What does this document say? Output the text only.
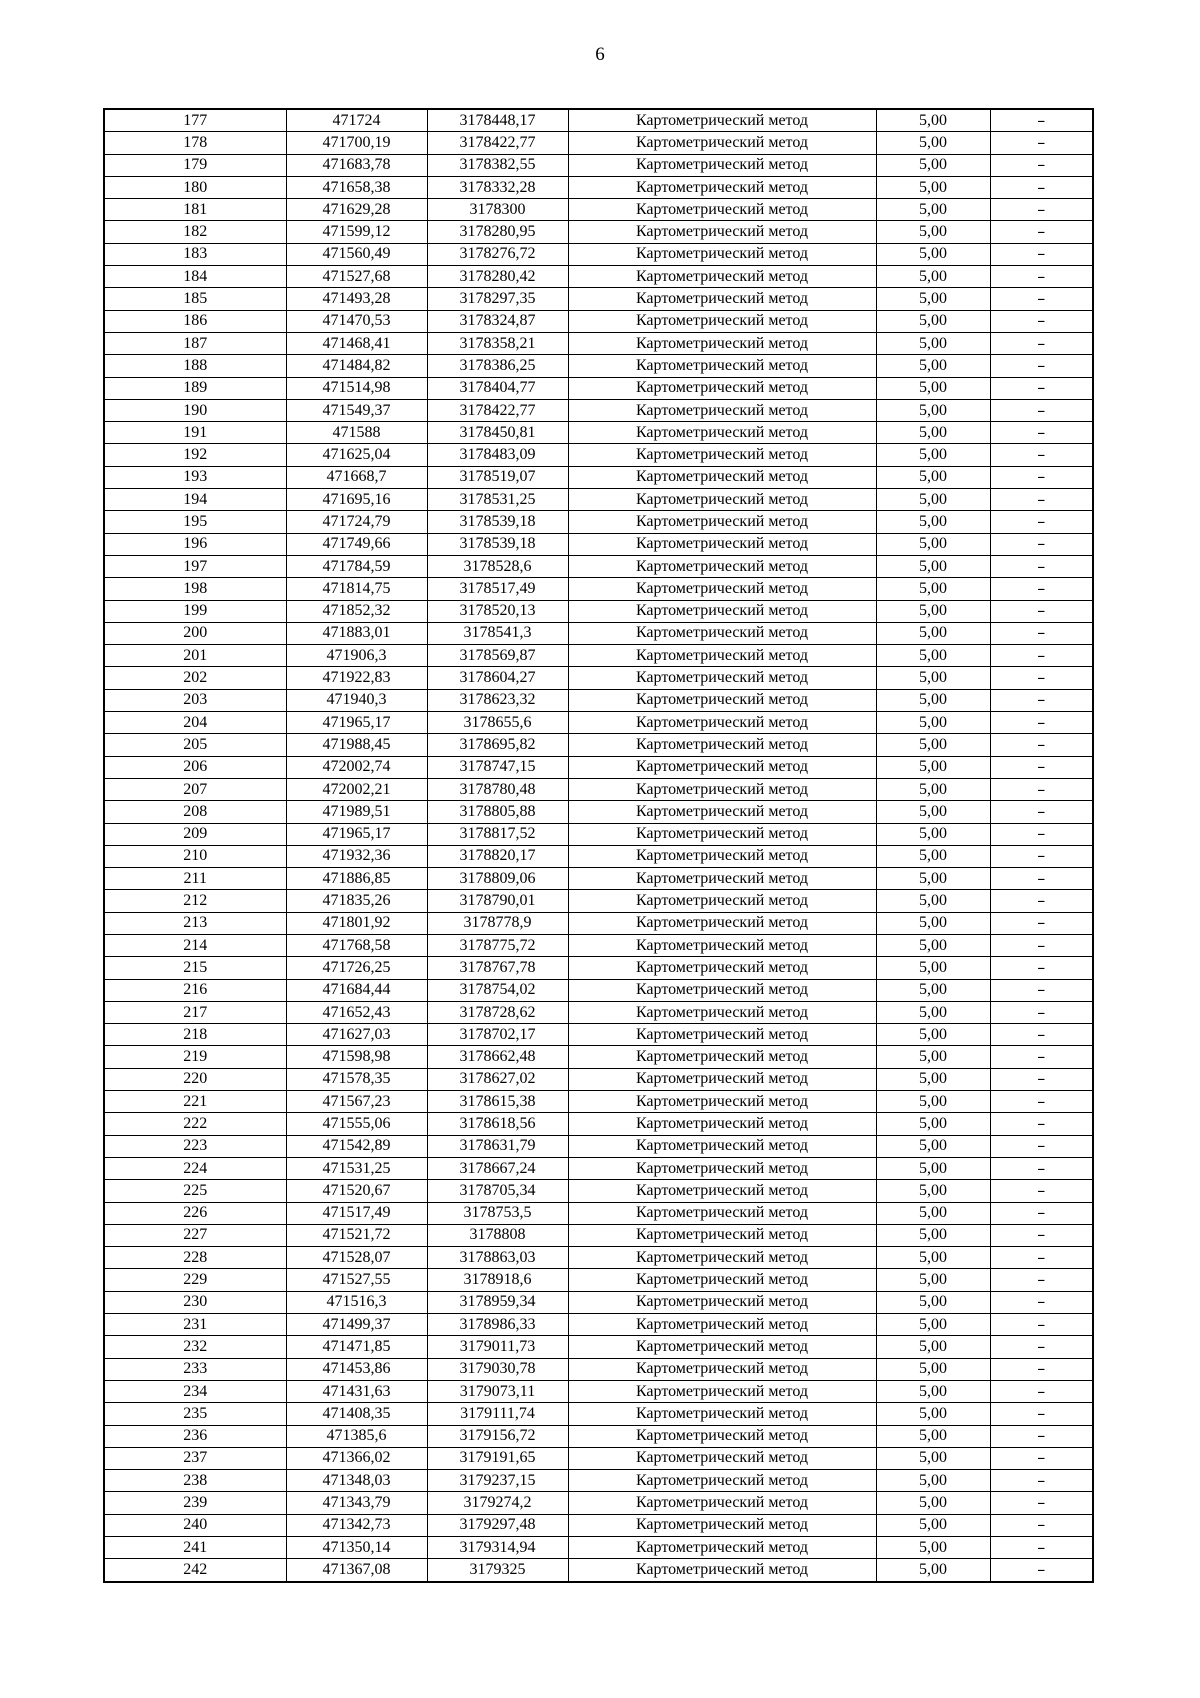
6
177	471724	3178448,17	Картометрический метод	5,00	–
178	471700,19	3178422,77	Картометрический метод	5,00	–
179	471683,78	3178382,55	Картометрический метод	5,00	–
180	471658,38	3178332,28	Картометрический метод	5,00	–
181	471629,28	3178300	Картометрический метод	5,00	–
182	471599,12	3178280,95	Картометрический метод	5,00	–
183	471560,49	3178276,72	Картометрический метод	5,00	–
184	471527,68	3178280,42	Картометрический метод	5,00	–
185	471493,28	3178297,35	Картометрический метод	5,00	–
186	471470,53	3178324,87	Картометрический метод	5,00	–
187	471468,41	3178358,21	Картометрический метод	5,00	–
188	471484,82	3178386,25	Картометрический метод	5,00	–
189	471514,98	3178404,77	Картометрический метод	5,00	–
190	471549,37	3178422,77	Картометрический метод	5,00	–
191	471588	3178450,81	Картометрический метод	5,00	–
192	471625,04	3178483,09	Картометрический метод	5,00	–
193	471668,7	3178519,07	Картометрический метод	5,00	–
194	471695,16	3178531,25	Картометрический метод	5,00	–
195	471724,79	3178539,18	Картометрический метод	5,00	–
196	471749,66	3178539,18	Картометрический метод	5,00	–
197	471784,59	3178528,6	Картометрический метод	5,00	–
198	471814,75	3178517,49	Картометрический метод	5,00	–
199	471852,32	3178520,13	Картометрический метод	5,00	–
200	471883,01	3178541,3	Картометрический метод	5,00	–
201	471906,3	3178569,87	Картометрический метод	5,00	–
202	471922,83	3178604,27	Картометрический метод	5,00	–
203	471940,3	3178623,32	Картометрический метод	5,00	–
204	471965,17	3178655,6	Картометрический метод	5,00	–
205	471988,45	3178695,82	Картометрический метод	5,00	–
206	472002,74	3178747,15	Картометрический метод	5,00	–
207	472002,21	3178780,48	Картометрический метод	5,00	–
208	471989,51	3178805,88	Картометрический метод	5,00	–
209	471965,17	3178817,52	Картометрический метод	5,00	–
210	471932,36	3178820,17	Картометрический метод	5,00	–
211	471886,85	3178809,06	Картометрический метод	5,00	–
212	471835,26	3178790,01	Картометрический метод	5,00	–
213	471801,92	3178778,9	Картометрический метод	5,00	–
214	471768,58	3178775,72	Картометрический метод	5,00	–
215	471726,25	3178767,78	Картометрический метод	5,00	–
216	471684,44	3178754,02	Картометрический метод	5,00	–
217	471652,43	3178728,62	Картометрический метод	5,00	–
218	471627,03	3178702,17	Картометрический метод	5,00	–
219	471598,98	3178662,48	Картометрический метод	5,00	–
220	471578,35	3178627,02	Картометрический метод	5,00	–
221	471567,23	3178615,38	Картометрический метод	5,00	–
222	471555,06	3178618,56	Картометрический метод	5,00	–
223	471542,89	3178631,79	Картометрический метод	5,00	–
224	471531,25	3178667,24	Картометрический метод	5,00	–
225	471520,67	3178705,34	Картометрический метод	5,00	–
226	471517,49	3178753,5	Картометрический метод	5,00	–
227	471521,72	3178808	Картометрический метод	5,00	–
228	471528,07	3178863,03	Картометрический метод	5,00	–
229	471527,55	3178918,6	Картометрический метод	5,00	–
230	471516,3	3178959,34	Картометрический метод	5,00	–
231	471499,37	3178986,33	Картометрический метод	5,00	–
232	471471,85	3179011,73	Картометрический метод	5,00	–
233	471453,86	3179030,78	Картометрический метод	5,00	–
234	471431,63	3179073,11	Картометрический метод	5,00	–
235	471408,35	3179111,74	Картометрический метод	5,00	–
236	471385,6	3179156,72	Картометрический метод	5,00	–
237	471366,02	3179191,65	Картометрический метод	5,00	–
238	471348,03	3179237,15	Картометрический метод	5,00	–
239	471343,79	3179274,2	Картометрический метод	5,00	–
240	471342,73	3179297,48	Картометрический метод	5,00	–
241	471350,14	3179314,94	Картометрический метод	5,00	–
242	471367,08	3179325	Картометрический метод	5,00	–
